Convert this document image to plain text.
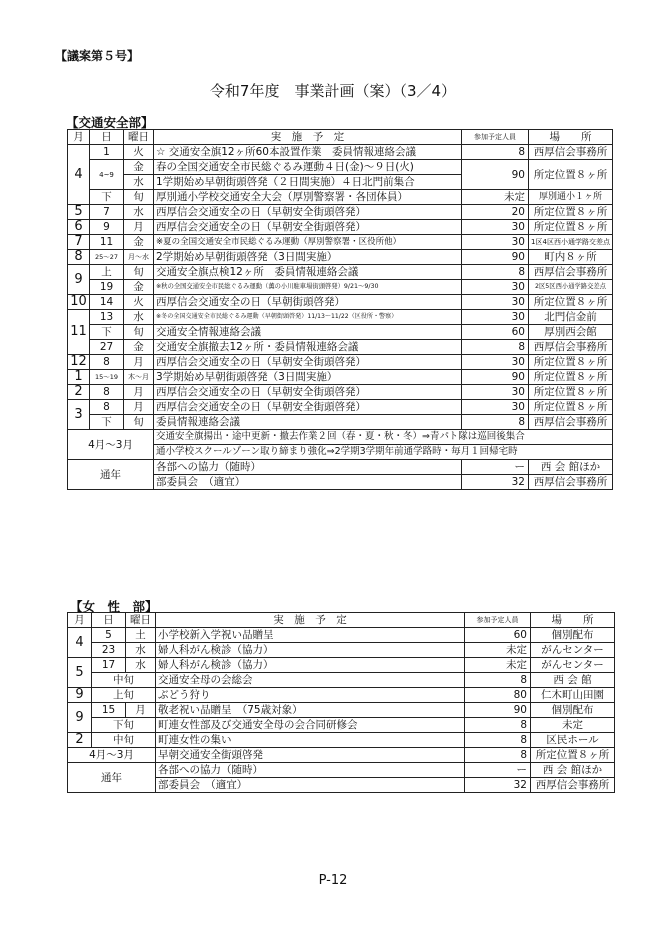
【議案第５号】
令和7年度　事業計画（案）（3／4）
【交通安全部】
月	日	曜日	実　施　予　定	参加予定人員	場　　所
4	1	火	☆ 交通安全旗12ヶ所60本設置作業　委員情報連絡会議	8	西厚信会事務所
	4~9	金	春の全国交通安全市民総ぐるみ運動４日(金)～９日(火)	90	所定位置８ヶ所
		水	1学期始め早朝街頭啓発（２日間実施）４日北門前集合		
	下	旬	厚別通小学校交通安全大会（厚別警察署・各団体員）	未定	厚別通小１ヶ所
5	7	水	西厚信会交通安全の日（早朝安全街頭啓発）	20	所定位置８ヶ所
6	9	月	西厚信会交通安全の日（早朝安全街頭啓発）	30	所定位置８ヶ所
7	11	金	※夏の全国交通安全市民総ぐるみ運動（厚別警察署・区役所他）	30	1区4区西小通学路交差点
8	25～27	月～水	2学期始め早朝街頭啓発（3日間実施）	90	町内８ヶ所
9	上	旬	交通安全旗点検12ヶ所　委員情報連絡会議	8	西厚信会事務所
	19	金	※秋の全国交通安全市民総ぐるみ運動（薫の小川駐車場街頭啓発）9/21～9/30	30	2区5区西小通学路交差点
10	14	火	西厚信会交通安全の日（早朝街頭啓発）	30	所定位置８ヶ所
11	13	水	※冬の全国交通安全市民総ぐるみ運動（早朝街頭啓発）11/13～11/22（区役所・警察）	30	北門信金前
	下	旬	交通安全情報連絡会議	60	厚別西会館
	27	金	交通安全旗撤去12ヶ所・委員情報連絡会議	8	西厚信会事務所
12	8	月	西厚信会交通安全の日（早朝安全街頭啓発）	30	所定位置８ヶ所
1	15～19	木～月	3学期始め早朝街頭啓発（3日間実施）	90	所定位置８ヶ所
2	8	月	西厚信会交通安全の日（早朝安全街頭啓発）	30	所定位置８ヶ所
3	8	月	西厚信会交通安全の日（早朝安全街頭啓発）	30	所定位置８ヶ所
	下	旬	委員情報連絡会議	8	西厚信会事務所
4月～3月			交通安全旗揚出・途中更新・撤去作業２回（春・夏・秋・冬）⇒青パト隊は巡回後集合		
			通小学校スクールゾーン取り締まり強化⇒2学期3学期年前通学路時・毎月１回帰宅時		
通年			各部への協力（随時）	ー	西 会 館ほか
			部委員会　（適宜）	32	西厚信会事務所
【女　性　部】
月	日	曜日	実　施　予　定	参加予定人員	場　　所
4	5	土	小学校新入学祝い品贈呈	60	個別配布
	23	水	婦人科がん検診（協力）	未定	がんセンター
5	17	水	婦人科がん検診（協力）	未定	がんセンター
	中旬		交通安全母の会総会	8	西 会 館
9	上旬		ぶどう狩り	80	仁木町山田園
9	15	月	敬老祝い品贈呈　（75歳対象）	90	個別配布
	下旬		町連女性部及び交通安全母の会合同研修会	8	未定
2	中旬		町連女性の集い	8	区民ホール
4月～3月			早朝交通安全街頭啓発	8	所定位置８ヶ所
通年			各部への協力（随時）	ー	西 会 館ほか
			部委員会　（適宜）	32	西厚信会事務所
P-12
